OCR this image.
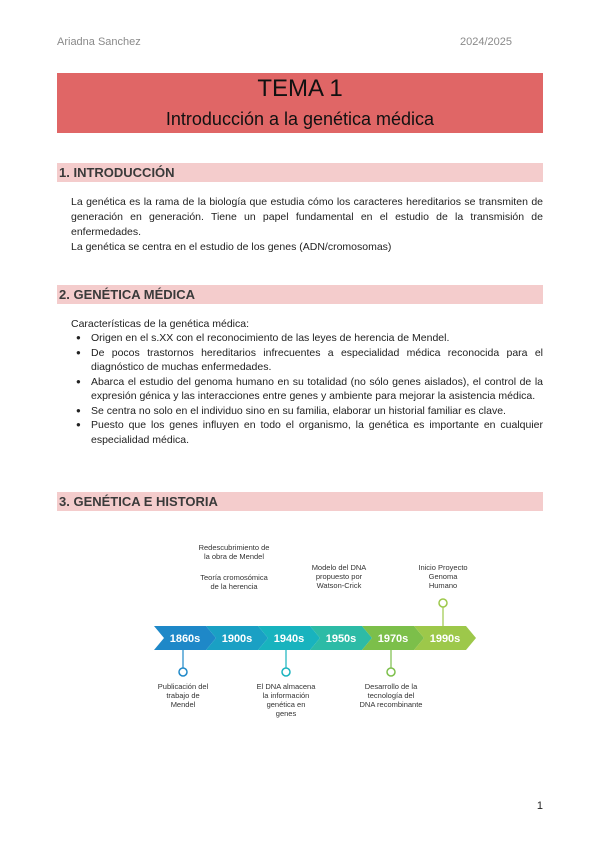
Ariadna Sanchez	2024/2025
TEMA 1
Introducción a la genética médica
1. INTRODUCCIÓN

La genética es la rama de la biología que estudia cómo los caracteres hereditarios se transmiten de generación en generación. Tiene un papel fundamental en el estudio de la transmisión de enfermedades.

La genética se centra en el estudio de los genes (ADN/cromosomas)

2. GENÉTICA MÉDICA
Características de la genética médica:
● Origen en el s.XX con el reconocimiento de las leyes de herencia de Mendel.
● De pocos trastornos hereditarios infrecuentes a especialidad médica reconocida para el diagnóstico de muchas enfermedades.
● Abarca el estudio del genoma humano en su totalidad (no sólo genes aislados), el control de la expresión génica y las interacciones entre genes y ambiente para mejorar la asistencia médica.
● Se centra no solo en el individuo sino en su familia, elaborar un historial familiar es clave.
● Puesto que los genes influyen en todo el organismo, la genética es importante en cualquier especialidad médica.
3. GENÉTICA E HISTORIA
1860s 1900s 1940s 1950s 1970s 1990s
Redescubrimiento de
la obra de Mendel
Teoría cromosómica
de la herencia
Modelo del DNA
propuesto por
Watson-Crick
Inicio Proyecto
Genoma
Humano
Publicación del
trabajo de
Mendel
El DNA almacena
la información
genética en
genes
Desarrollo de la
tecnología del
DNA recombinante
1
